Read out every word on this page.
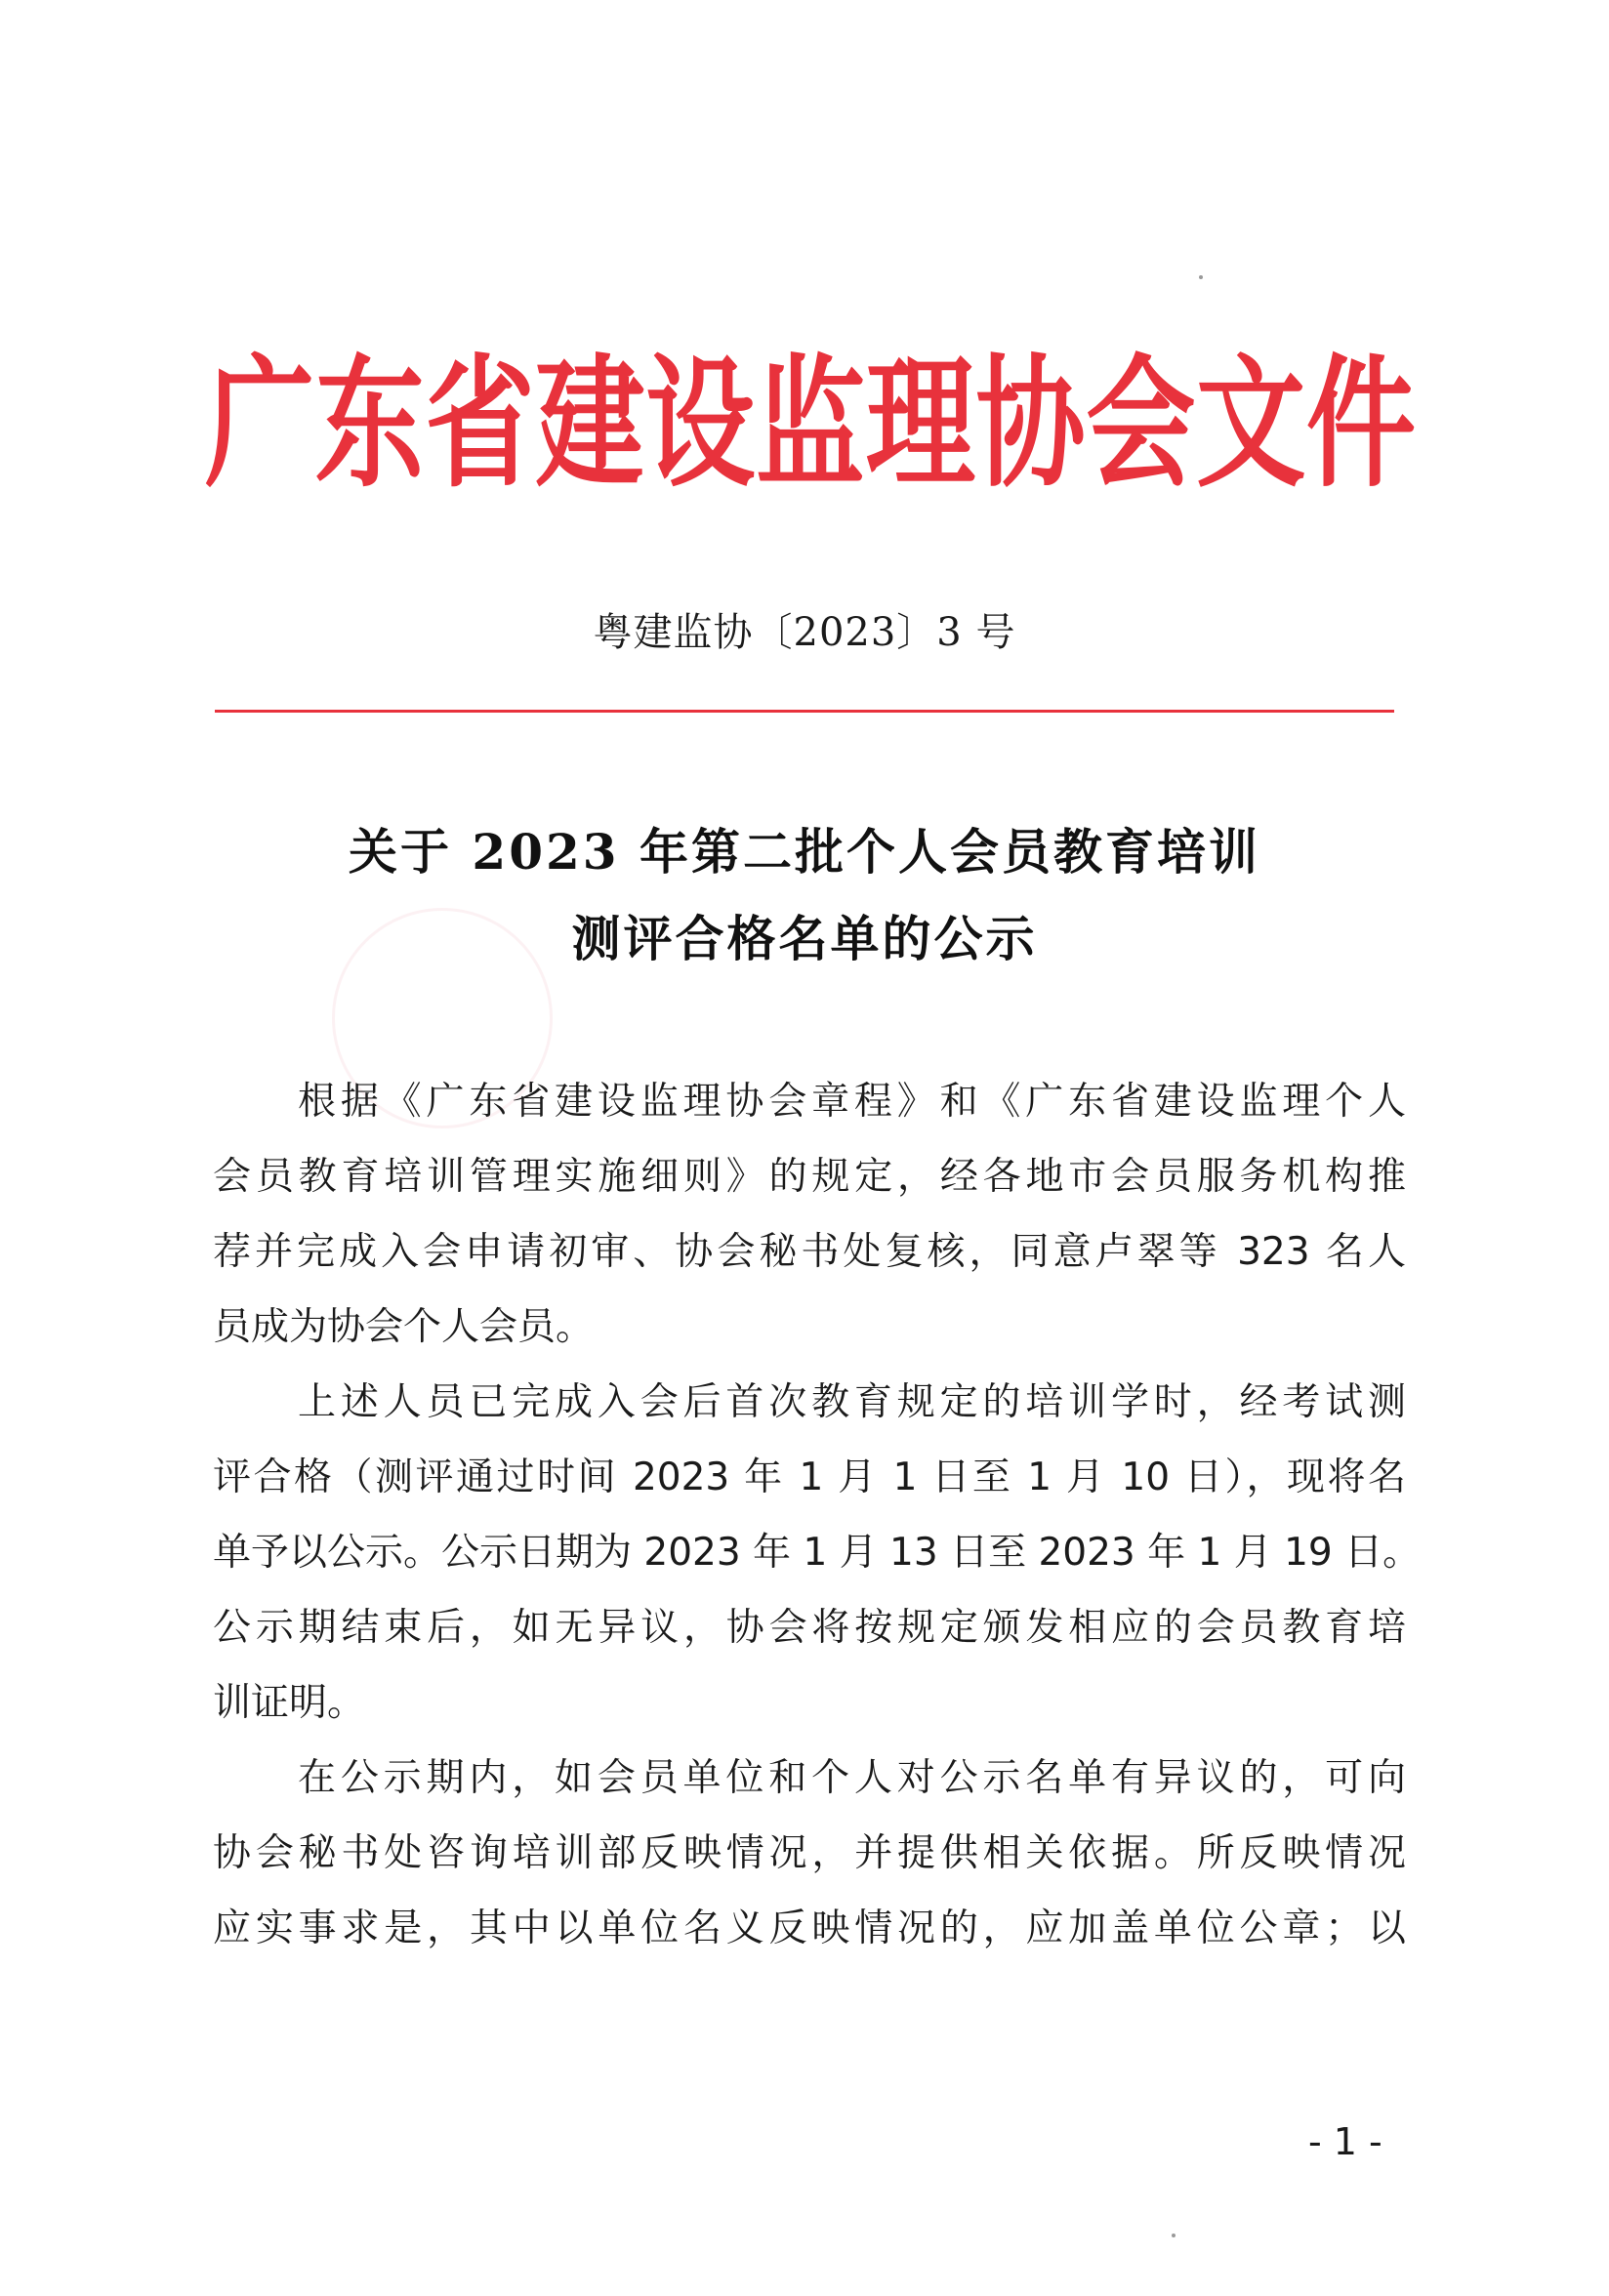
广 东 省 建 设 监 理 协 会 文 件
粤建监协〔2023〕3 号
关于 2023 年第二批个人会员教育培训
测评合格名单的公示
根据《广东省建设监理协会章程》和《广东省建设监理个人
会员教育培训管理实施细则》的规定，经各地市会员服务机构推
荐并完成入会申请初审、协会秘书处复核，同意卢翠等 323 名人
员成为协会个人会员。
上述人员已完成入会后首次教育规定的培训学时，经考试测
评合格（测评通过时间 2023 年 1 月 1 日至 1 月 10 日），现将名
单予以公示。公示日期为 2023 年 1 月 13 日至 2023 年 1 月 19 日。
公示期结束后，如无异议，协会将按规定颁发相应的会员教育培
训证明。
在公示期内，如会员单位和个人对公示名单有异议的，可向
协会秘书处咨询培训部反映情况，并提供相关依据。所反映情况
应实事求是，其中以单位名义反映情况的，应加盖单位公章；以
- 1 -
